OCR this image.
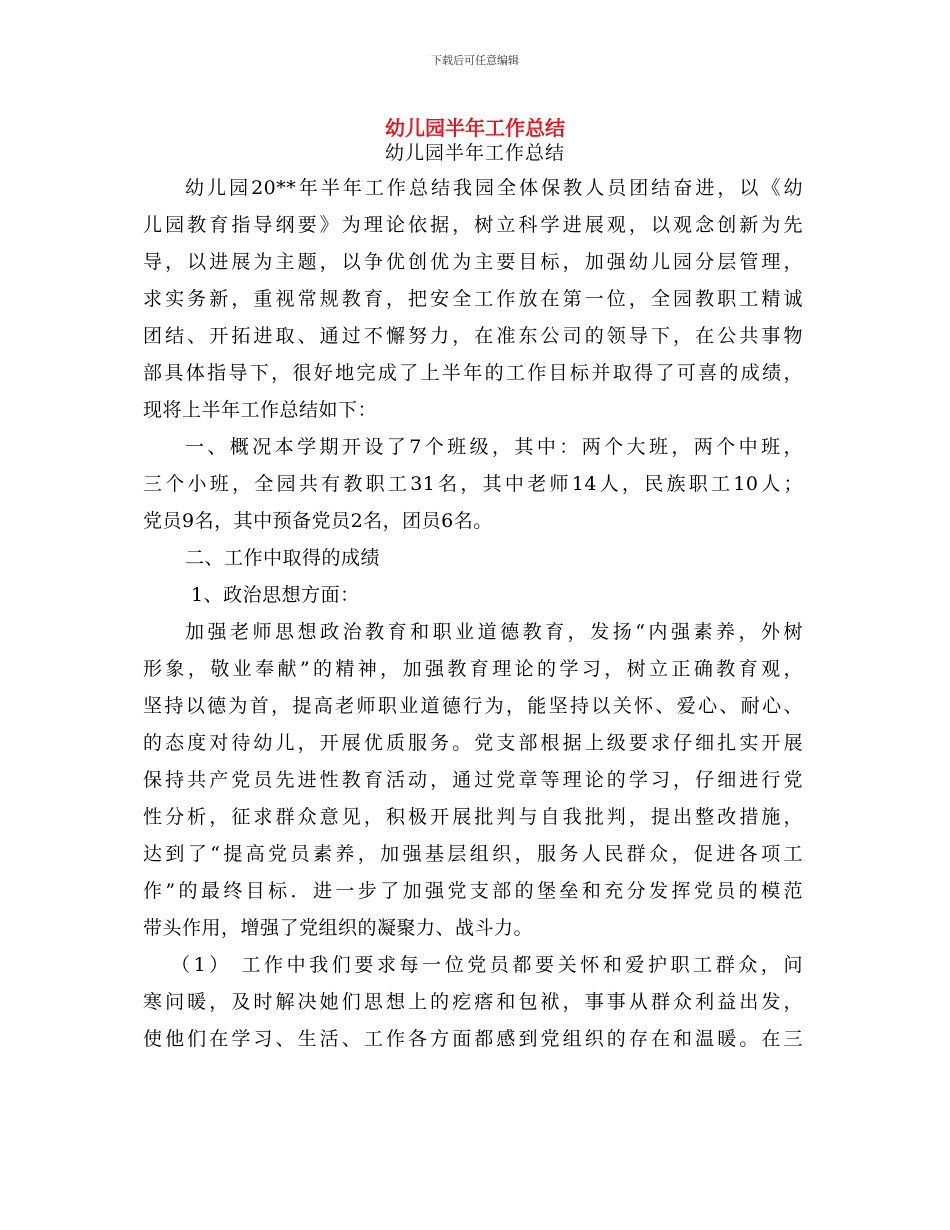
下载后可任意编辑
幼儿园半年工作总结
幼儿园半年工作总结
幼儿园20**年半年工作总结我园全体保教人员团结奋进，以《幼
儿园教育指导纲要》为理论依据，树立科学进展观，以观念创新为先
导，以进展为主题，以争优创优为主要目标，加强幼儿园分层管理，
求实务新，重视常规教育，把安全工作放在第一位，全园教职工精诚
团结、开拓进取、通过不懈努力，在准东公司的领导下，在公共事物
部具体指导下，很好地完成了上半年的工作目标并取得了可喜的成绩，
现将上半年工作总结如下：
一、概况本学期开设了7个班级，其中：两个大班，两个中班，
三个小班，全园共有教职工31名，其中老师14人，民族职工10人；
党员9名，其中预备党员2名，团员6名。
二、工作中取得的成绩
1、政治思想方面：
加强老师思想政治教育和职业道德教育，发扬“内强素养，外树
形象，敬业奉献”的精神，加强教育理论的学习，树立正确教育观，
坚持以德为首，提高老师职业道德行为，能坚持以关怀、爱心、耐心、
的态度对待幼儿，开展优质服务。党支部根据上级要求仔细扎实开展
保持共产党员先进性教育活动，通过党章等理论的学习，仔细进行党
性分析，征求群众意见，积极开展批判与自我批判，提出整改措施，
达到了“提高党员素养，加强基层组织，服务人民群众，促进各项工
作”的最终目标．进一步了加强党支部的堡垒和充分发挥党员的模范
带头作用，增强了党组织的凝聚力、战斗力。
（1） 工作中我们要求每一位党员都要关怀和爱护职工群众，问
寒问暖，及时解决她们思想上的疙瘩和包袱，事事从群众利益出发，
使他们在学习、生活、工作各方面都感到党组织的存在和温暖。在三
